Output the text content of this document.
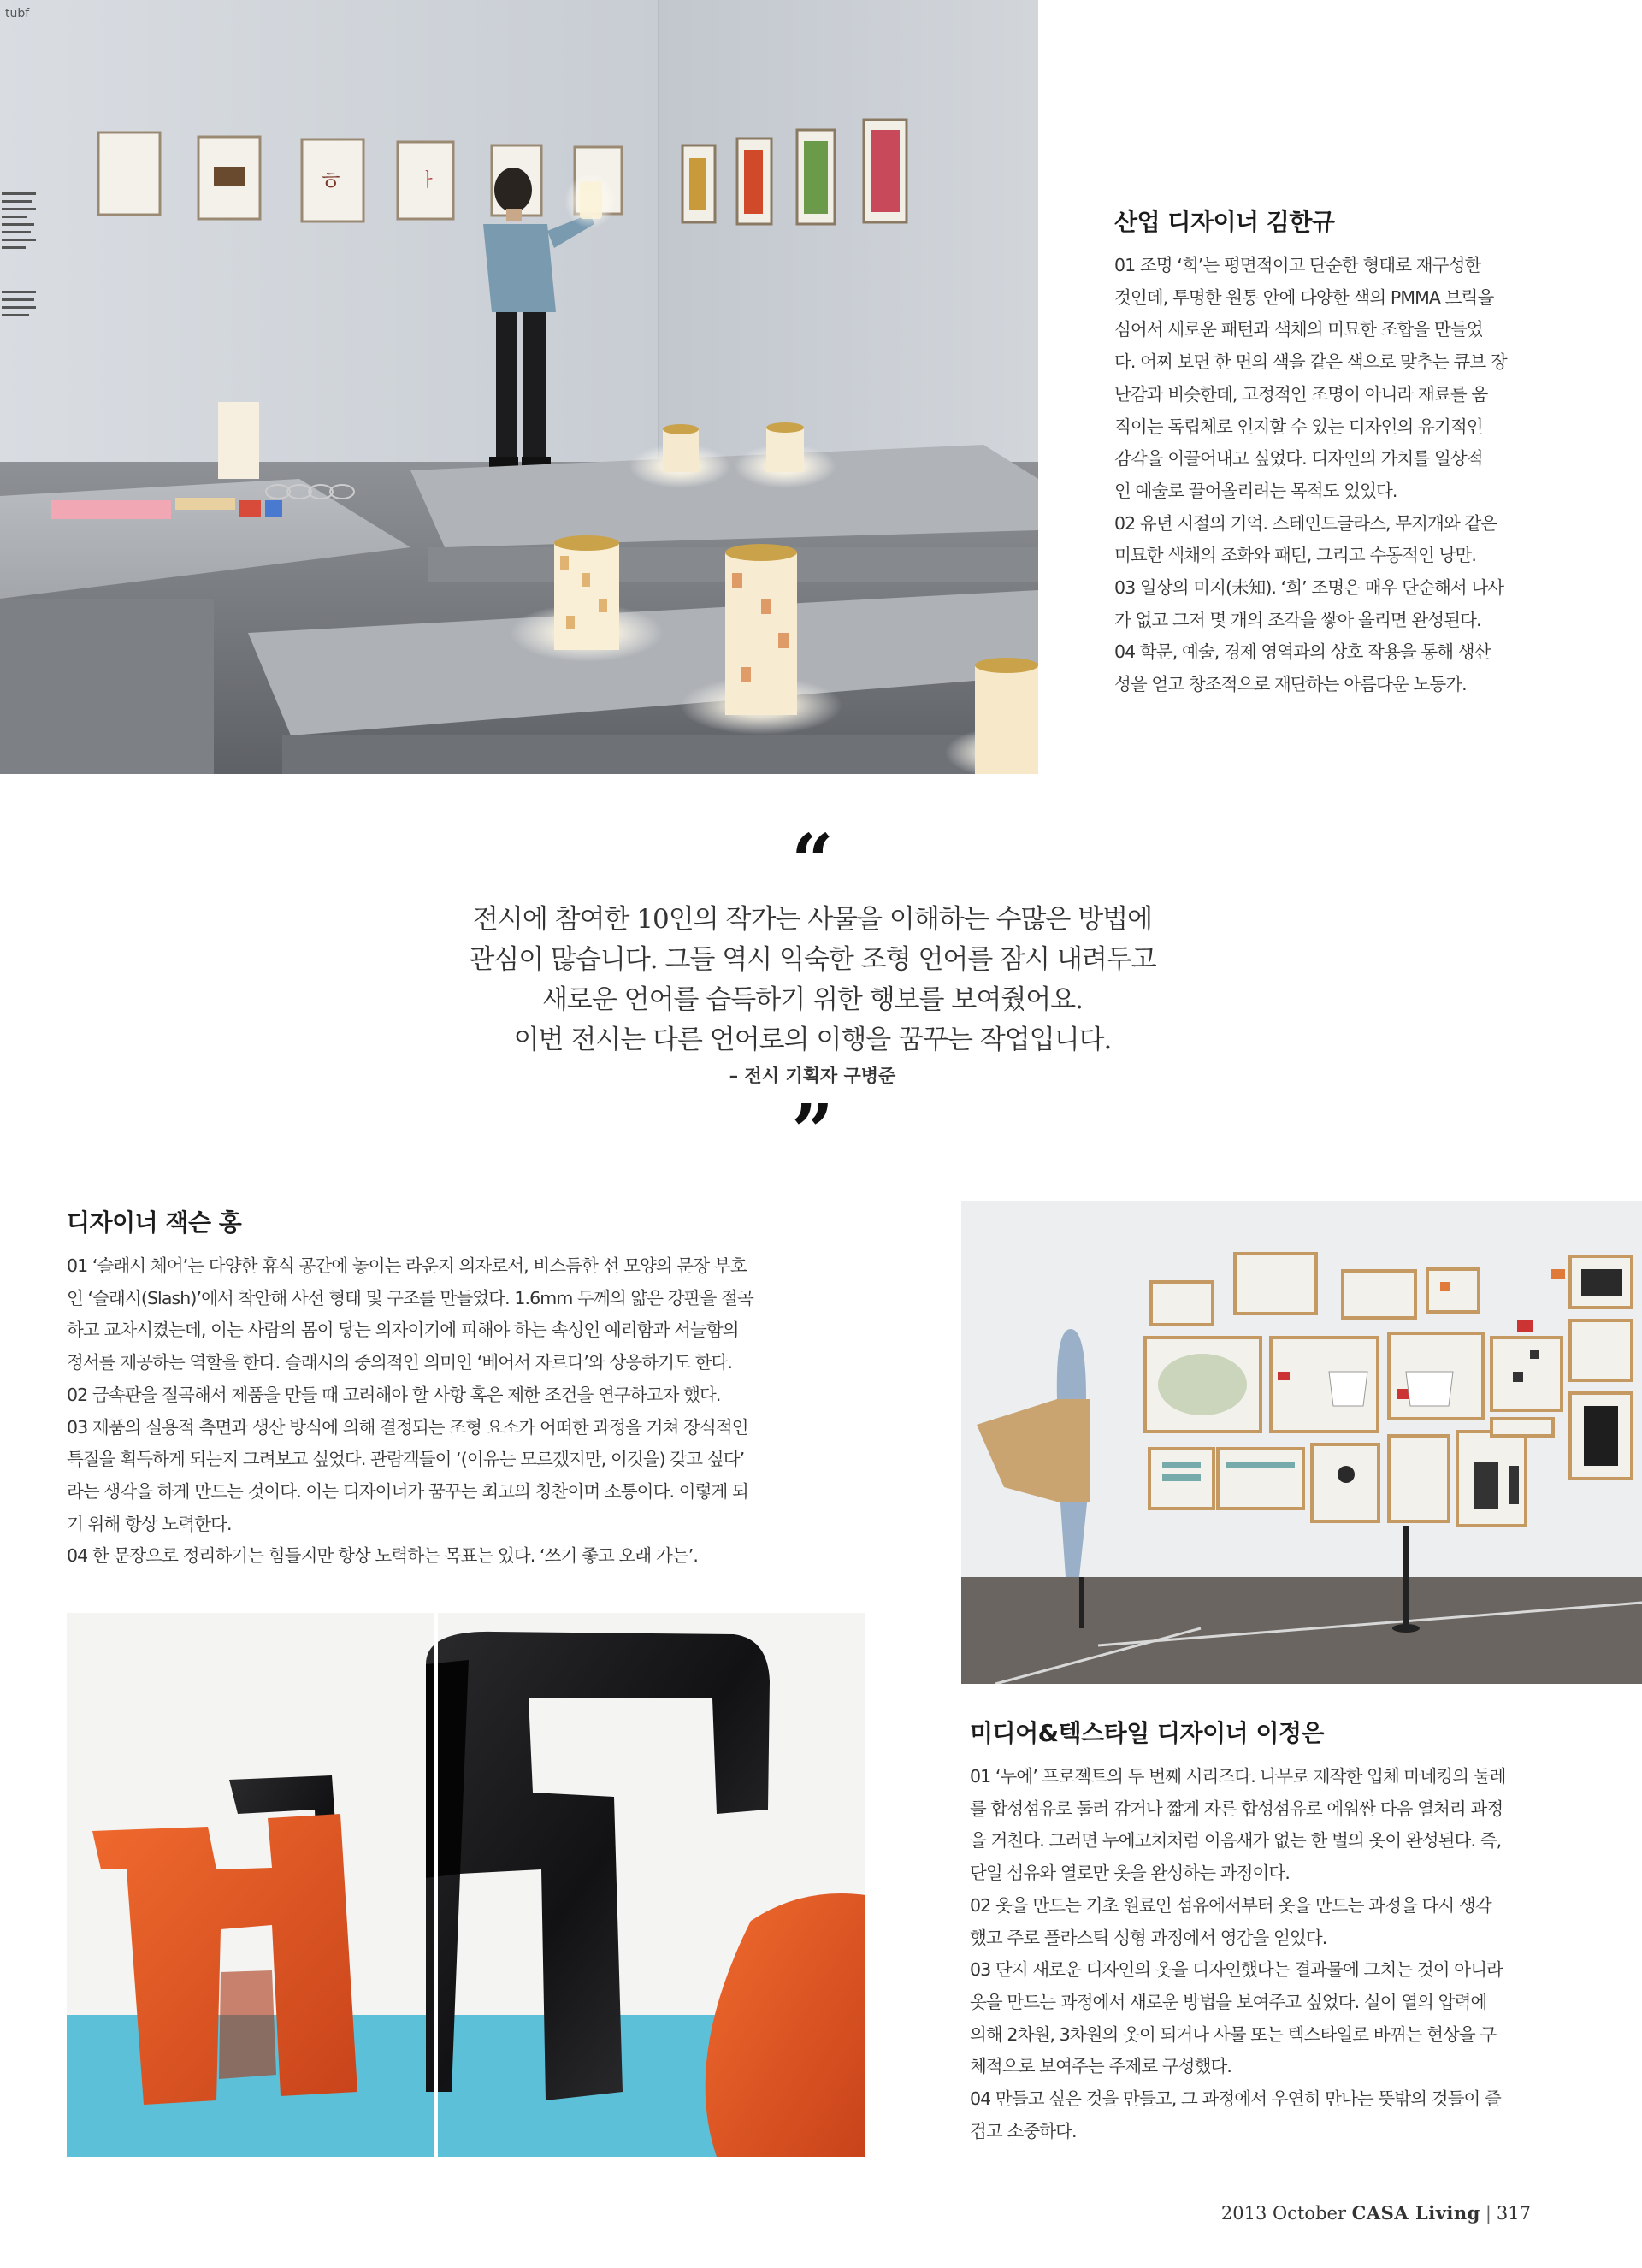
ㅎ	ㅏ
tubf
산업 디자이너 김한규

01 조명 ‘희’는 평면적이고 단순한 형태로 재구성한

것인데, 투명한 원통 안에 다양한 색의 PMMA 브릭을

심어서 새로운 패턴과 색채의 미묘한 조합을 만들었

다. 어찌 보면 한 면의 색을 같은 색으로 맞추는 큐브 장

난감과 비슷한데, 고정적인 조명이 아니라 재료를 움

직이는 독립체로 인지할 수 있는 디자인의 유기적인

감각을 이끌어내고 싶었다. 디자인의 가치를 일상적

인 예술로 끌어올리려는 목적도 있었다.

02 유년 시절의 기억. 스테인드글라스, 무지개와 같은

미묘한 색채의 조화와 패턴, 그리고 수동적인 낭만.

03 일상의 미지(未知). ‘희’ 조명은 매우 단순해서 나사

가 없고 그저 몇 개의 조각을 쌓아 올리면 완성된다.

04 학문, 예술, 경제 영역과의 상호 작용을 통해 생산

성을 얻고 창조적으로 재단하는 아름다운 노동가.

“
전시에 참여한 10인의 작가는 사물을 이해하는 수많은 방법에
관심이 많습니다. 그들 역시 익숙한 조형 언어를 잠시 내려두고
새로운 언어를 습득하기 위한 행보를 보여줬어요.
이번 전시는 다른 언어로의 이행을 꿈꾸는 작업입니다.
– 전시 기획자 구병준
”
디자이너 잭슨 홍

01 ‘슬래시 체어’는 다양한 휴식 공간에 놓이는 라운지 의자로서, 비스듬한 선 모양의 문장 부호

인 ‘슬래시(Slash)’에서 착안해 사선 형태 및 구조를 만들었다. 1.6mm 두께의 얇은 강판을 절곡

하고 교차시켰는데, 이는 사람의 몸이 닿는 의자이기에 피해야 하는 속성인 예리함과 서늘함의

정서를 제공하는 역할을 한다. 슬래시의 중의적인 의미인 ‘베어서 자르다’와 상응하기도 한다.

02 금속판을 절곡해서 제품을 만들 때 고려해야 할 사항 혹은 제한 조건을 연구하고자 했다.

03 제품의 실용적 측면과 생산 방식에 의해 결정되는 조형 요소가 어떠한 과정을 거쳐 장식적인

특질을 획득하게 되는지 그려보고 싶었다. 관람객들이 ‘(이유는 모르겠지만, 이것을) 갖고 싶다’

라는 생각을 하게 만드는 것이다. 이는 디자이너가 꿈꾸는 최고의 칭찬이며 소통이다. 이렇게 되

기 위해 항상 노력한다.

04 한 문장으로 정리하기는 힘들지만 항상 노력하는 목표는 있다. ‘쓰기 좋고 오래 가는’.

미디어&텍스타일 디자이너 이정은

01 ‘누에’ 프로젝트의 두 번째 시리즈다. 나무로 제작한 입체 마네킹의 둘레

를 합성섬유로 둘러 감거나 짧게 자른 합성섬유로 에워싼 다음 열처리 과정

을 거친다. 그러면 누에고치처럼 이음새가 없는 한 벌의 옷이 완성된다. 즉,

단일 섬유와 열로만 옷을 완성하는 과정이다.

02 옷을 만드는 기초 원료인 섬유에서부터 옷을 만드는 과정을 다시 생각

했고 주로 플라스틱 성형 과정에서 영감을 얻었다.

03 단지 새로운 디자인의 옷을 디자인했다는 결과물에 그치는 것이 아니라

옷을 만드는 과정에서 새로운 방법을 보여주고 싶었다. 실이 열의 압력에

의해 2차원, 3차원의 옷이 되거나 사물 또는 텍스타일로 바뀌는 현상을 구

체적으로 보여주는 주제로 구성했다.

04 만들고 싶은 것을 만들고, 그 과정에서 우연히 만나는 뜻밖의 것들이 즐

겁고 소중하다.

2013 October CASA Living | 317
